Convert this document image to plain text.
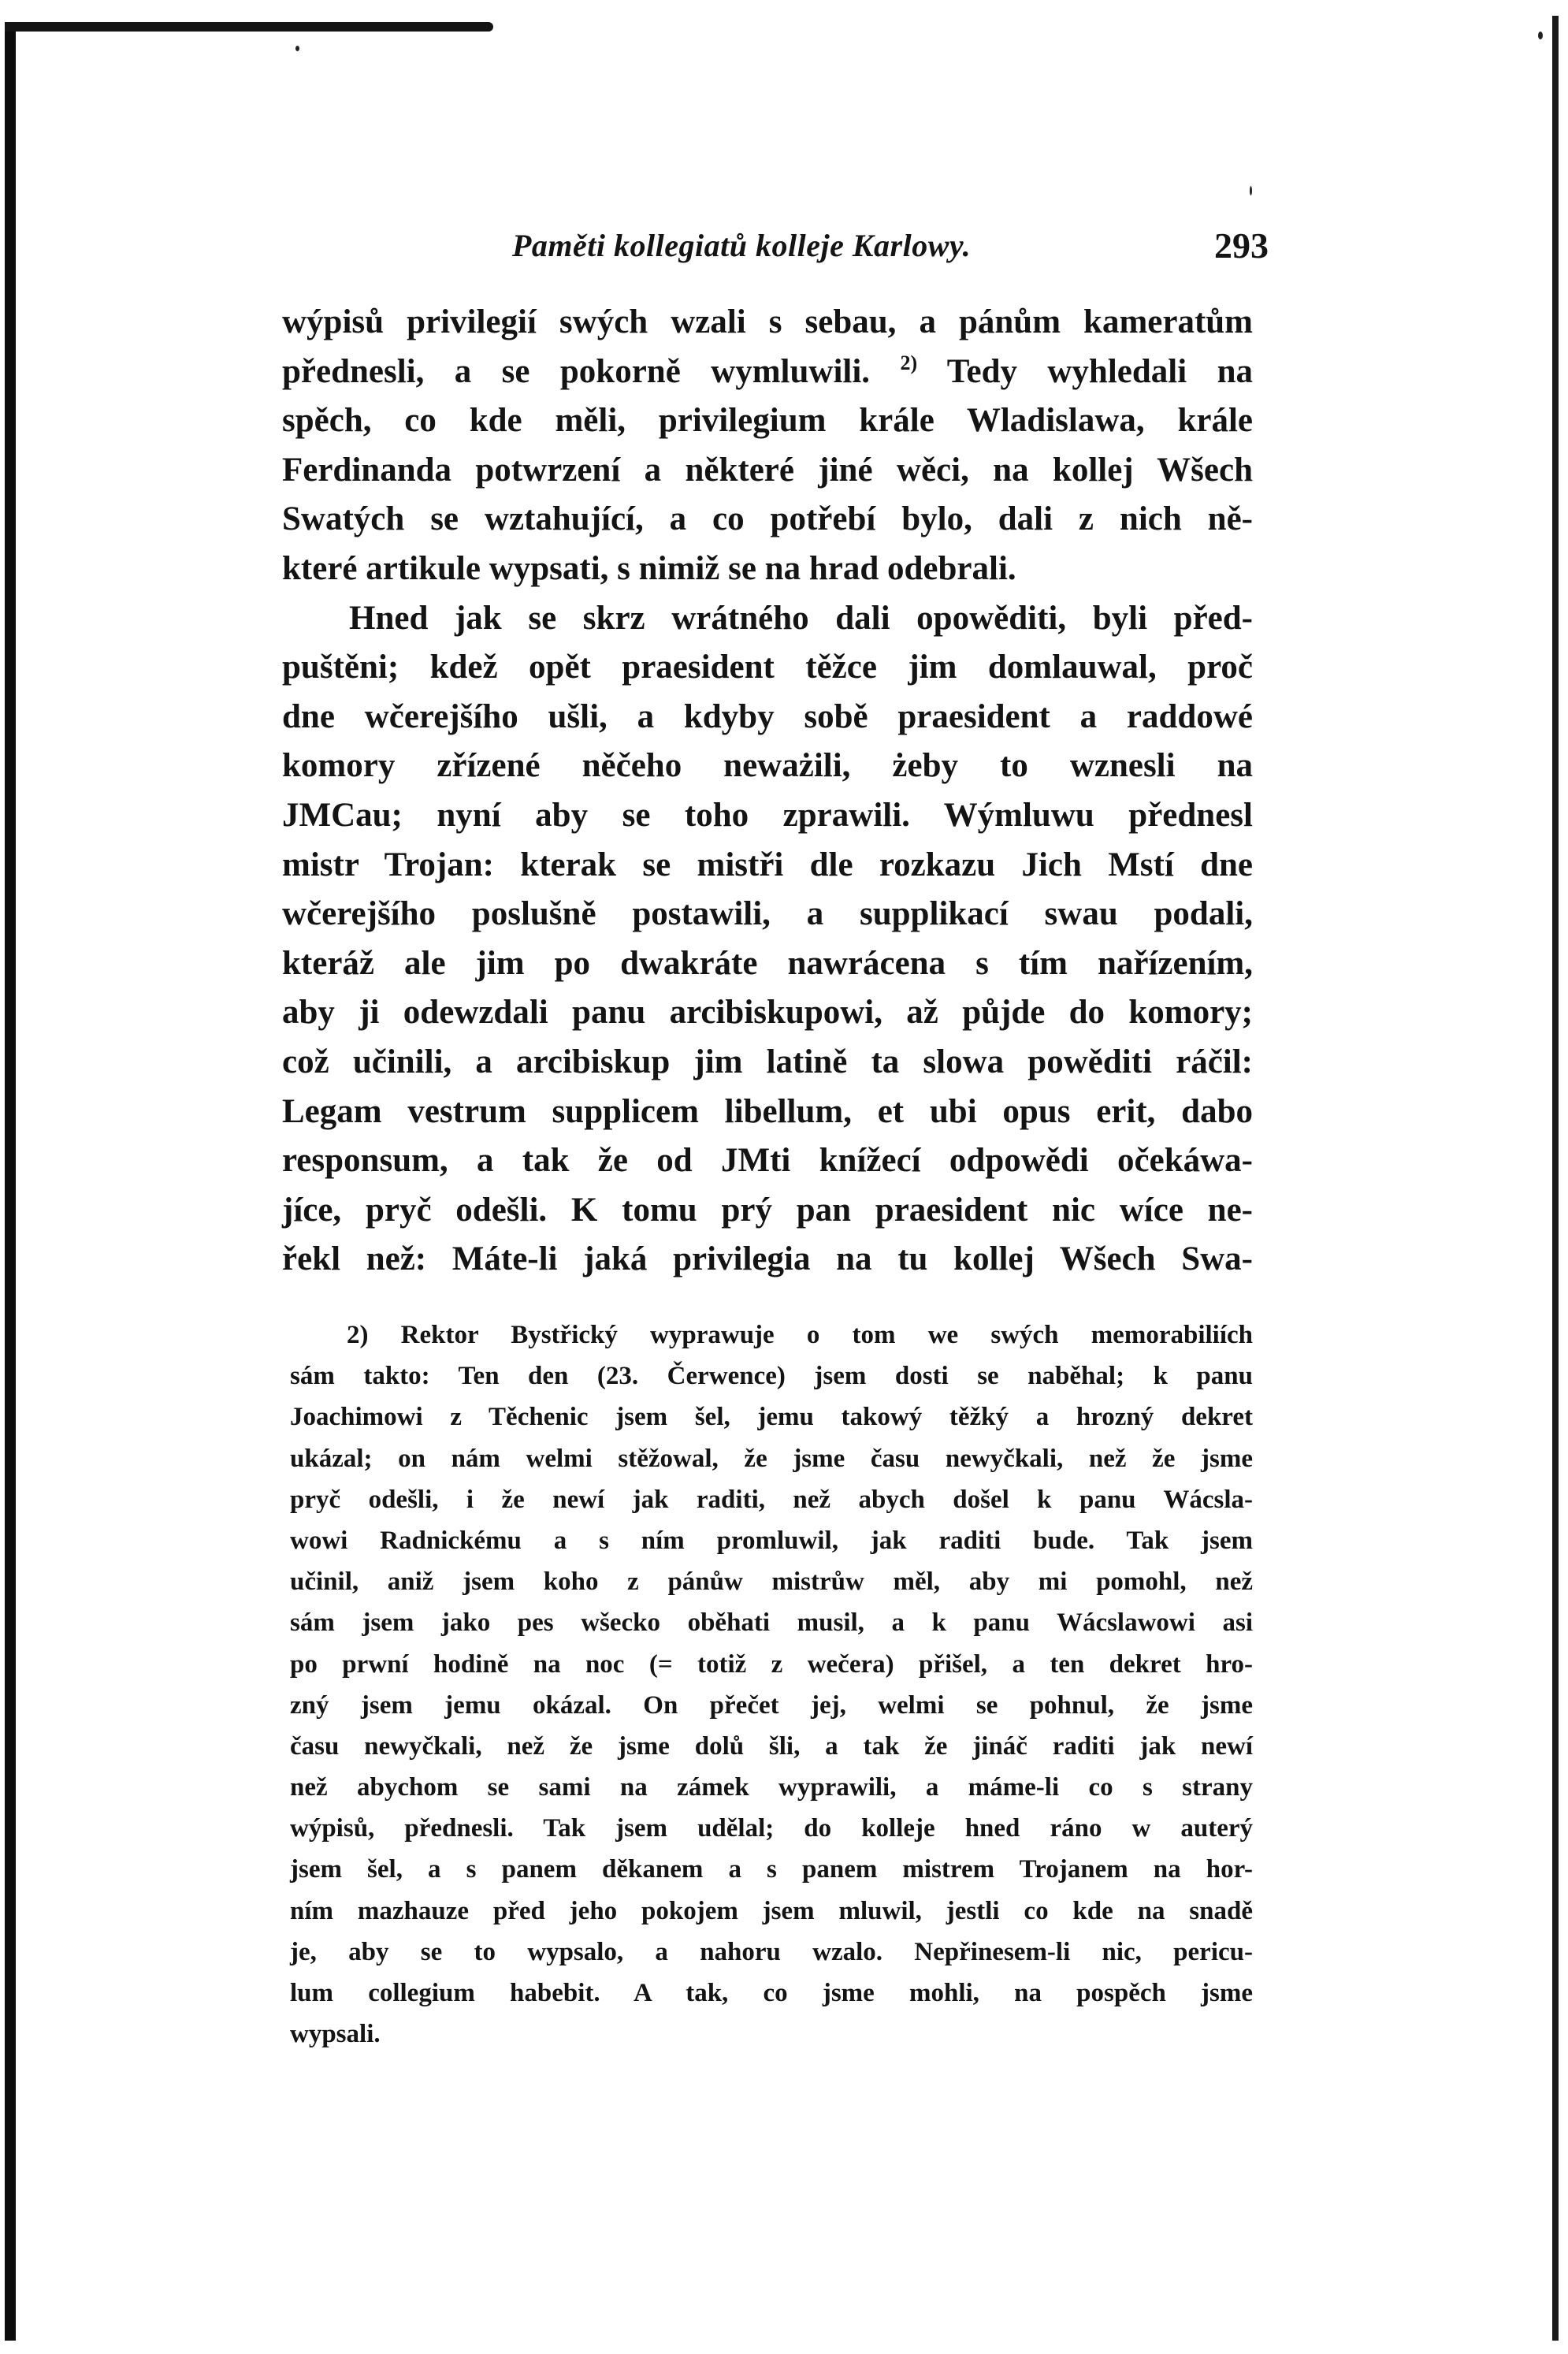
Paměti kollegiatů kolleje Karlowy.	293
wýpisů privilegií swých wzali s sebau, a pánům kameratům
přednesli, a se pokorně wymluwili. $^{2)}$ Tedy wyhledali na
spěch, co kde měli, privilegium krále Wladislawa, krále
Ferdinanda potwrzení a některé jiné wěci, na kollej Wšech
Swatých se wztahující, a co potřebí bylo, dali z nich ně-
které artikule wypsati, s nimiž se na hrad odebrali.
Hned jak se skrz wrátného dali opowěditi, byli před-
puštěni; kdež opět praesident těžce jim domlauwal, proč
dne wčerejšího ušli, a kdyby sobě praesident a raddowé
komory zřízené něčeho neważili, żeby to wznesli na
JMCau; nyní aby se toho zprawili. Wýmluwu přednesl
mistr Trojan: kterak se mistři dle rozkazu Jich Mstí dne
wčerejšího poslušně postawili, a supplikací swau podali,
kteráž ale jim po dwakráte nawrácena s tím nařízením,
aby ji odewzdali panu arcibiskupowi, až půjde do komory;
což učinili, a arcibiskup jim latině ta slowa powěditi ráčil:
Legam vestrum supplicem libellum, et ubi opus erit, dabo
responsum, a tak že od JMti knížecí odpowědi očekáwa-
jíce, pryč odešli. K tomu prý pan praesident nic wíce ne-
řekl než: Máte-li jaká privilegia na tu kollej Wšech Swa-
2) Rektor Bystřický wyprawuje o tom we swých memorabiliích
sám takto: Ten den (23. Čerwence) jsem dosti se naběhal; k panu
Joachimowi z Těchenic jsem šel, jemu takowý těžký a hrozný dekret
ukázal; on nám welmi stěžowal, že jsme času newyčkali, než že jsme
pryč odešli, i že newí jak raditi, než abych došel k panu Wácsla-
wowi Radnickému a s ním promluwil, jak raditi bude. Tak jsem
učinil, aniž jsem koho z pánůw mistrůw měl, aby mi pomohl, než
sám jsem jako pes wšecko oběhati musil, a k panu Wácslawowi asi
po prwní hodině na noc (= totiž z wečera) přišel, a ten dekret hro-
zný jsem jemu okázal. On přečet jej, welmi se pohnul, že jsme
času newyčkali, než že jsme dolů šli, a tak že jináč raditi jak newí
než abychom se sami na zámek wyprawili, a máme-li co s strany
wýpisů, přednesli. Tak jsem udělal; do kolleje hned ráno w auterý
jsem šel, a s panem děkanem a s panem mistrem Trojanem na hor-
ním mazhauze před jeho pokojem jsem mluwil, jestli co kde na snadě
je, aby se to wypsalo, a nahoru wzalo. Nepřinesem-li nic, pericu-
lum collegium habebit. A tak, co jsme mohli, na pospěch jsme
wypsali.
